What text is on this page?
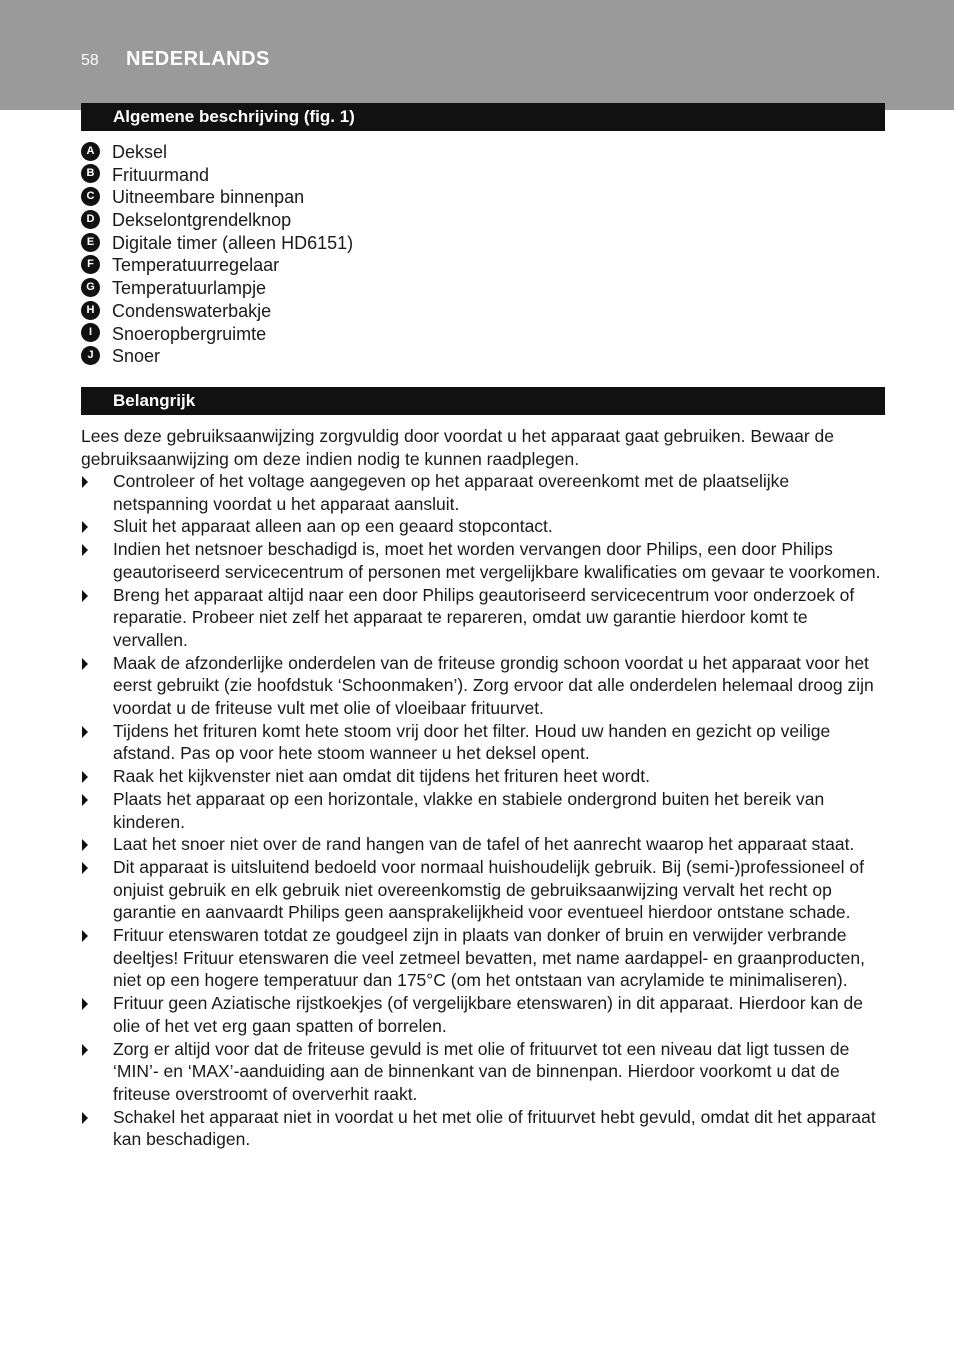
58 NEDERLANDS
Algemene beschrijving (fig. 1)
A Deksel
B Frituurmand
C Uitneembare binnenpan
D Dekselontgrendelknop
E Digitale timer (alleen HD6151)
F Temperatuurregelaar
G Temperatuurlampje
H Condenswaterbakje
I Snoeropbergruimte
J Snoer
Belangrijk

Lees deze gebruiksaanwijzing zorgvuldig door voordat u het apparaat gaat gebruiken. Bewaar de gebruiksaanwijzing om deze indien nodig te kunnen raadplegen.

Controleer of het voltage aangegeven op het apparaat overeenkomt met de plaatselijke netspanning voordat u het apparaat aansluit.
Sluit het apparaat alleen aan op een geaard stopcontact.
Indien het netsnoer beschadigd is, moet het worden vervangen door Philips, een door Philips geautoriseerd servicecentrum of personen met vergelijkbare kwalificaties om gevaar te voorkomen.
Breng het apparaat altijd naar een door Philips geautoriseerd servicecentrum voor onderzoek of reparatie. Probeer niet zelf het apparaat te repareren, omdat uw garantie hierdoor komt te vervallen.
Maak de afzonderlijke onderdelen van de friteuse grondig schoon voordat u het apparaat voor het eerst gebruikt (zie hoofdstuk ‘Schoonmaken’). Zorg ervoor dat alle onderdelen helemaal droog zijn voordat u de friteuse vult met olie of vloeibaar frituurvet.
Tijdens het frituren komt hete stoom vrij door het filter. Houd uw handen en gezicht op veilige afstand. Pas op voor hete stoom wanneer u het deksel opent.
Raak het kijkvenster niet aan omdat dit tijdens het frituren heet wordt.
Plaats het apparaat op een horizontale, vlakke en stabiele ondergrond buiten het bereik van kinderen.
Laat het snoer niet over de rand hangen van de tafel of het aanrecht waarop het apparaat staat.
Dit apparaat is uitsluitend bedoeld voor normaal huishoudelijk gebruik. Bij (semi-)professioneel of onjuist gebruik en elk gebruik niet overeenkomstig de gebruiksaanwijzing vervalt het recht op garantie en aanvaardt Philips geen aansprakelijkheid voor eventueel hierdoor ontstane schade.
Frituur etenswaren totdat ze goudgeel zijn in plaats van donker of bruin en verwijder verbrande deeltjes! Frituur etenswaren die veel zetmeel bevatten, met name aardappel- en graanproducten, niet op een hogere temperatuur dan 175°C (om het ontstaan van acrylamide te minimaliseren).
Frituur geen Aziatische rijstkoekjes (of vergelijkbare etenswaren) in dit apparaat. Hierdoor kan de olie of het vet erg gaan spatten of borrelen.
Zorg er altijd voor dat de friteuse gevuld is met olie of frituurvet tot een niveau dat ligt tussen de ‘MIN’- en ‘MAX’-aanduiding aan de binnenkant van de binnenpan. Hierdoor voorkomt u dat de friteuse overstroomt of oververhit raakt.
Schakel het apparaat niet in voordat u het met olie of frituurvet hebt gevuld, omdat dit het apparaat kan beschadigen.
